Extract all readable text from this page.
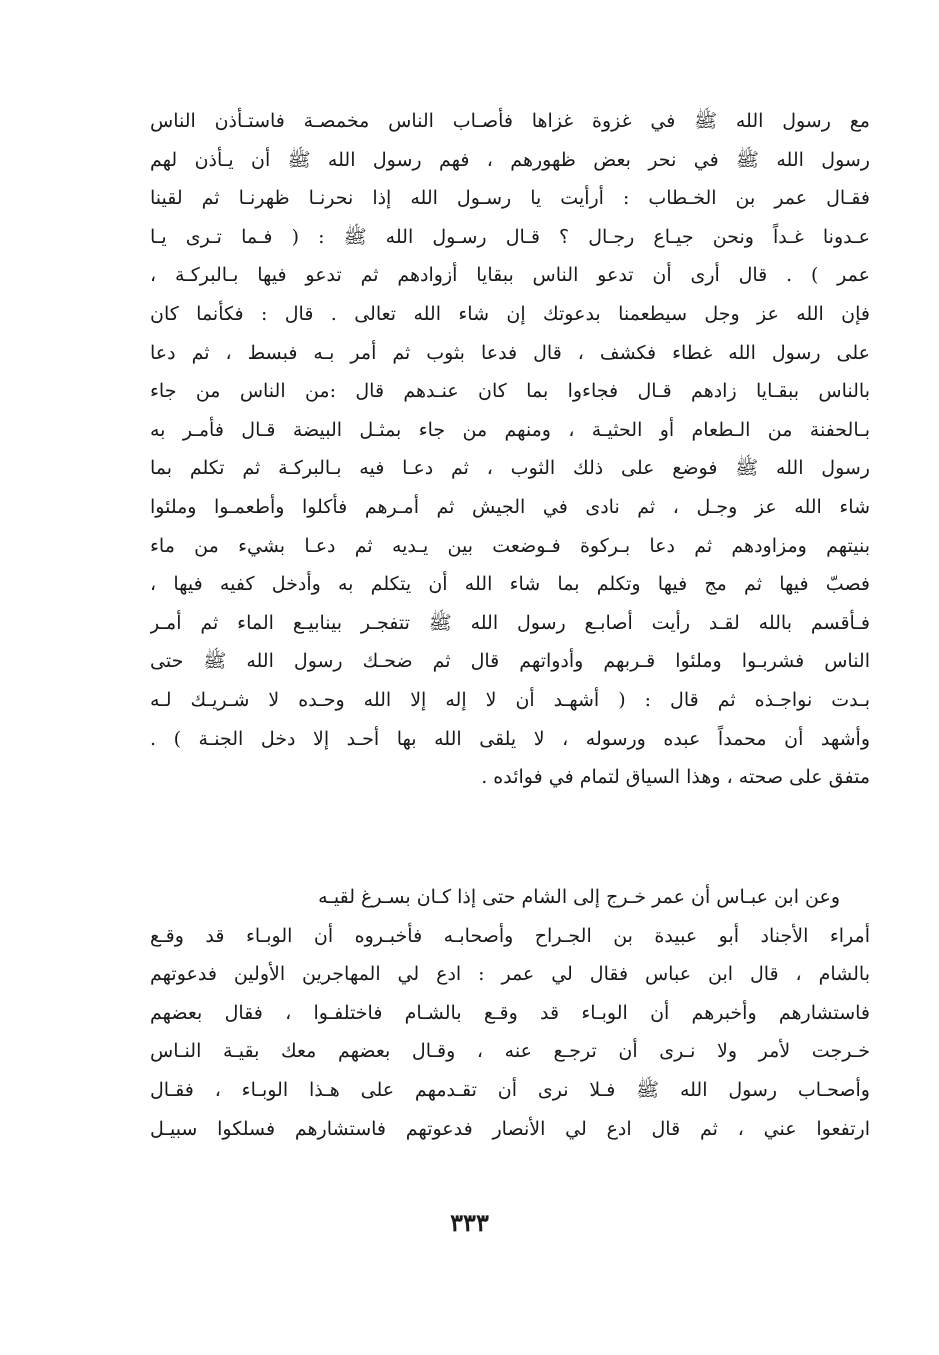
مع رسول الله ﷺ في غزوة غزاها فأصـاب الناس مخمصـة فاستـأذن الناس
رسول الله ﷺ في نحر بعض ظهورهم ، فهم رسول الله ﷺ أن يـأذن لهم
فقـال عمر بن الخـطاب : أرأيت يا رسـول الله إذا نحرنـا ظهرنـا ثم لقينا
عـدونا غـداً ونحن جيـاع رجـال ؟ قـال رسـول الله ﷺ : ( فـما تـرى يـا
عمر ) . قال أرى أن تدعو الناس ببقايا أزوادهم ثم تدعو فيها بـالبركـة ،
فإن الله عز وجل سيطعمنا بدعوتك إن شاء الله تعالى . قال : فكأنما كان
على رسول الله غطاء فكشف ، قال فدعا بثوب ثم أمر بـه فبسط ، ثم دعا
بالناس ببقـايا زادهم قـال فجاءوا بما كان عنـدهم قال :من الناس من جاء
بـالحفنة من الـطعام أو الحثيـة ، ومنهم من جاء بمثـل البيضة قـال فأمـر به
رسول الله ﷺ فوضع على ذلك الثوب ، ثم دعـا فيه بـالبركـة ثم تكلم بما
شاء الله عز وجـل ، ثم نادى في الجيش ثم أمـرهم فأكلوا وأطعمـوا وملئوا
بنيتهم ومزاودهم ثم دعا بـركوة فـوضعت بين يـديه ثم دعـا بشيء من ماء
فصبّ فيها ثم مج فيها وتكلم بما شاء الله أن يتكلم به وأدخل كفيه فيها ،
فـأقسم بالله لقـد رأيت أصابـع رسول الله ﷺ تتفجـر بينابيـع الماء ثم أمـر
الناس فشربـوا وملئوا قـربهم وأدواتهم قال ثم ضحـك رسول الله ﷺ حتى
بـدت نواجـذه ثم قال : ( أشهـد أن لا إله إلا الله وحـده لا شـريـك لـه
وأشهد أن محمداً عبده ورسوله ، لا يلقى الله بها أحـد إلا دخل الجنـة ) .
متفق على صحته ، وهذا السياق لتمام في فوائده .
وعن ابن عبـاس أن عمر خـرج إلى الشام حتى إذا كـان بسـرغ لقيـه
أمراء الأجناد أبو عبيدة بن الجـراح وأصحابـه فأخبـروه أن الوبـاء قد وقـع
بالشام ، قال ابن عباس فقال لي عمر : ادع لي المهاجرين الأولين فدعوتهم
فاستشارهم وأخبرهم أن الوبـاء قد وقـع بالشـام فاختلفـوا ، فقال بعضهم
خـرجت لأمر ولا نـرى أن ترجـع عنه ، وقـال بعضهم معك بقيـة النـاس
وأصحـاب رسول الله ﷺ فـلا نرى أن تقـدمهم على هـذا الوبـاء ، فقـال
ارتفعوا عني ، ثم قال ادع لي الأنصار فدعوتهم فاستشارهم فسلكوا سبيـل
٣٣٣
